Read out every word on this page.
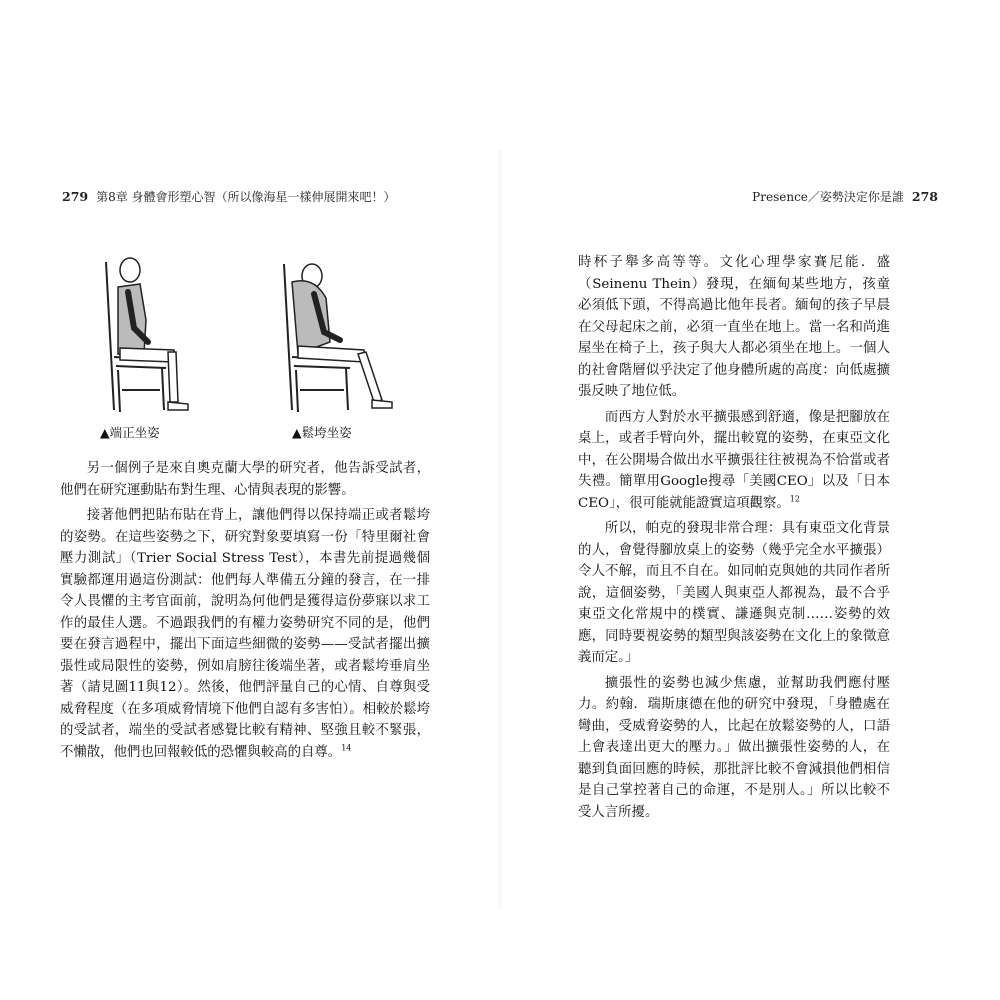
279 第8章 身體會形塑心智（所以像海星一樣伸展開來吧！）
▲端正坐姿	▲鬆垮坐姿

另一個例子是來自奧克蘭大學的研究者，他告訴受試者，他們在研究運動貼布對生理、心情與表現的影響。

接著他們把貼布貼在背上，讓他們得以保持端正或者鬆垮的姿勢。在這些姿勢之下，研究對象要填寫一份「特里爾社會壓力測試」（Trier Social Stress Test），本書先前提過幾個實驗都運用過這份測試：他們每人準備五分鐘的發言，在一排令人畏懼的主考官面前，說明為何他們是獲得這份夢寐以求工作的最佳人選。不過跟我們的有權力姿勢研究不同的是，他們要在發言過程中，擺出下面這些細微的姿勢——受試者擺出擴張性或局限性的姿勢，例如肩膀往後端坐著，或者鬆垮垂肩坐著（請見圖11與12）。然後，他們評量自己的心情、自尊與受威脅程度（在多項威脅情境下他們自認有多害怕）。相較於鬆垮的受試者，端坐的受試者感覺比較有精神、堅強且較不緊張，不懶散，他們也回報較低的恐懼與較高的自尊。$^{14}$

Presence／姿勢決定你是誰 278

時杯子舉多高等等。文化心理學家賽尼能．盛（Seinenu Thein）發現，在緬甸某些地方，孩童必須低下頭，不得高過比他年長者。緬甸的孩子早晨在父母起床之前，必須一直坐在地上。當一名和尚進屋坐在椅子上，孩子與大人都必須坐在地上。一個人的社會階層似乎決定了他身體所處的高度：向低處擴張反映了地位低。

而西方人對於水平擴張感到舒適，像是把腳放在桌上，或者手臂向外，擺出較寬的姿勢，在東亞文化中，在公開場合做出水平擴張往往被視為不恰當或者失禮。簡單用Google搜尋「美國CEO」以及「日本CEO」，很可能就能證實這項觀察。$^{12}$

所以，帕克的發現非常合理：具有東亞文化背景的人，會覺得腳放桌上的姿勢（幾乎完全水平擴張）令人不解，而且不自在。如同帕克與她的共同作者所說，這個姿勢，「美國人與東亞人都視為，最不合乎東亞文化常規中的樸實、謙遜與克制……姿勢的效應，同時要視姿勢的類型與該姿勢在文化上的象徵意義而定。」

擴張性的姿勢也減少焦慮，並幫助我們應付壓力。約翰．瑞斯康德在他的研究中發現，「身體處在彎曲，受威脅姿勢的人，比起在放鬆姿勢的人，口語上會表達出更大的壓力。」做出擴張性姿勢的人，在聽到負面回應的時候，那批評比較不會減損他們相信是自己掌控著自己的命運，不是別人。」所以比較不受人言所擾。
